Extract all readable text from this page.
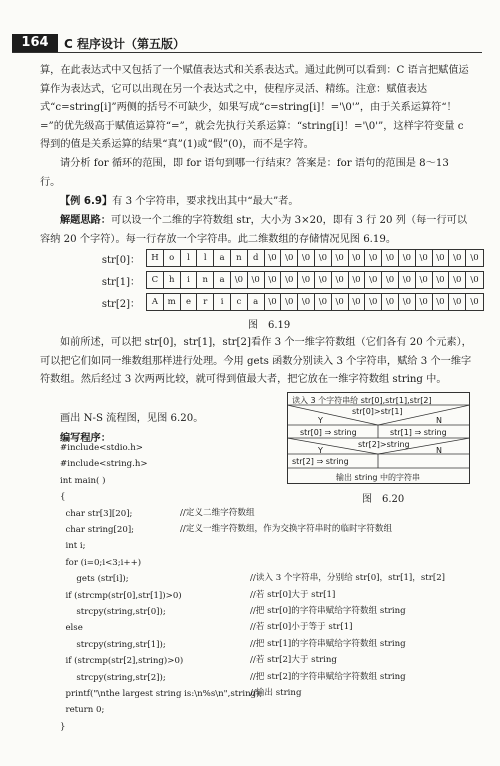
164	C 程序设计（第五版）
算，在此表达式中又包括了一个赋值表达式和关系表达式。通过此例可以看到：C 语言把赋值运算作为表达式，它可以出现在另一个表达式之中，使程序灵活、精练。注意：赋值表达式“c=string[i]”两侧的括号不可缺少，如果写成“c=string[i]！='\0'”，由于关系运算符“！=”的优先级高于赋值运算符“=”，就会先执行关系运算：“string[i]！='\0'”，这样字符变量 c 得到的值是关系运算的结果“真”(1)或“假”(0)，而不是字符。
请分析 for 循环的范围，即 for 语句到哪一行结束？答案是：for 语句的范围是 8～13 行。
【例 6.9】有 3 个字符串，要求找出其中“最大”者。
解题思路：可以设一个二维的字符数组 str，大小为 3×20，即有 3 行 20 列（每一行可以容纳 20 个字符）。每一行存放一个字符串。此二维数组的存储情况见图 6.19。
str[0]：	H	o	l	l	a	n	d	\0	\0	\0	\0	\0	\0	\0	\0	\0	\0	\0	\0	\0
str[1]：	C	h	i	n	a	\0	\0	\0	\0	\0	\0	\0	\0	\0	\0	\0	\0	\0	\0	\0
str[2]：	A	m	e	r	i	c	a	\0	\0	\0	\0	\0	\0	\0	\0	\0	\0	\0	\0	\0
图　6.19
如前所述，可以把 str[0]，str[1]，str[2]看作 3 个一维字符数组（它们各有 20 个元素），可以把它们如同一维数组那样进行处理。今用 gets 函数分别读入 3 个字符串，赋给 3 个一维字符数组。然后经过 3 次两两比较，就可得到值最大者，把它放在一维字符数组 string 中。
画出 N-S 流程图，见图 6.20。
编写程序：
读入 3 个字符串给 str[0],str[1],str[2]
str[0]>str[1]
Y	N
str[0] ⇒ string	str[1] ⇒ string
str[2]>string
Y	N
str[2] ⇒ string
输出 string 中的字符串
图　6.20
#include<stdio.h>
#include<string.h>
int main( )
{
char str[3][20];
char string[20];
int i;
for (i=0;i<3;i++)
gets (str[i]);
if (strcmp(str[0],str[1])>0)
strcpy(string,str[0]);
else
strcpy(string,str[1]);
if (strcmp(str[2],string)>0)
strcpy(string,str[2]);
printf("\nthe largest string is:\n%s\n",string);
return 0;
}
//定义二维字符数组
//定义一维字符数组，作为交换字符串时的临时字符数组
//读入 3 个字符串，分别给 str[0]，str[1]，str[2]
//若 str[0]大于 str[1]
//把 str[0]的字符串赋给字符数组 string
//若 str[0]小于等于 str[1]
//把 str[1]的字符串赋给字符数组 string
//若 str[2]大于 string
//把 str[2]的字符串赋给字符数组 string
//输出 string
